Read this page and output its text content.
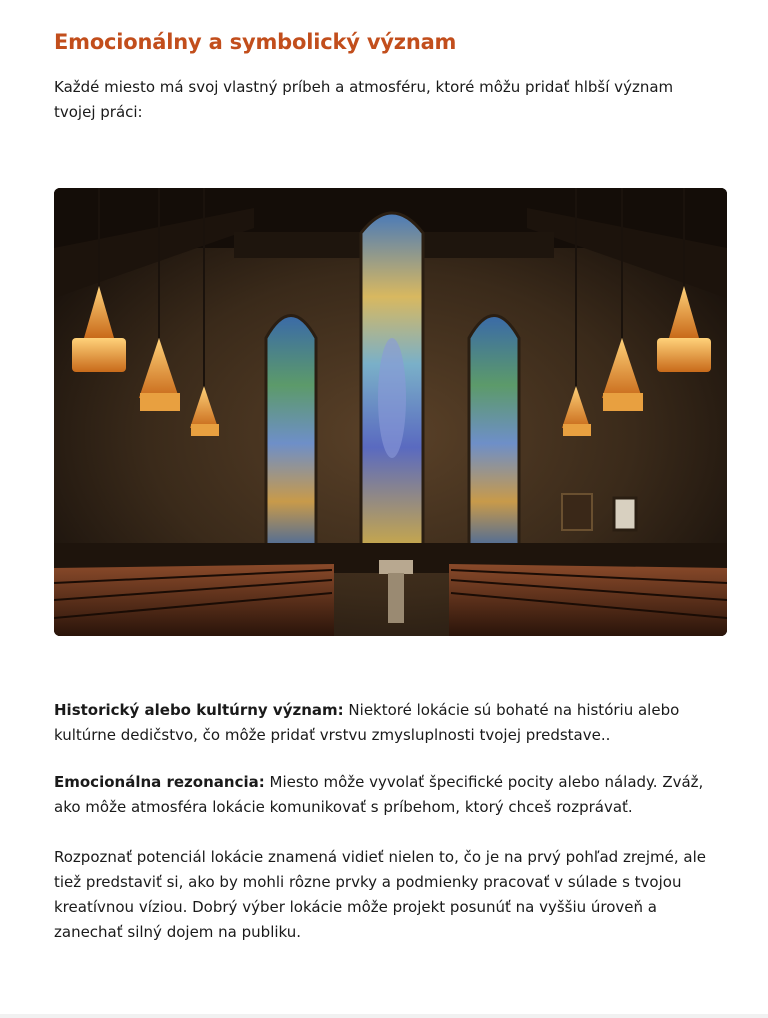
Emocionálny a symbolický význam

Každé miesto má svoj vlastný príbeh a atmosféru, ktoré môžu pridať hlbší význam tvojej práci:

Historický alebo kultúrny význam: Niektoré lokácie sú bohaté na históriu alebo kultúrne dedičstvo, čo môže pridať vrstvu zmysluplnosti tvojej predstave..

Emocionálna rezonancia: Miesto môže vyvolať špecifické pocity alebo nálady. Zváž, ako môže atmosféra lokácie komunikovať s príbehom, ktorý chceš rozprávať.

Rozpoznať potenciál lokácie znamená vidieť nielen to, čo je na prvý pohľad zrejmé, ale tiež predstaviť si, ako by mohli rôzne prvky a podmienky pracovať v súlade s tvojou kreatívnou víziou. Dobrý výber lokácie môže projekt posunúť na vyššiu úroveň a zanechať silný dojem na publiku.
